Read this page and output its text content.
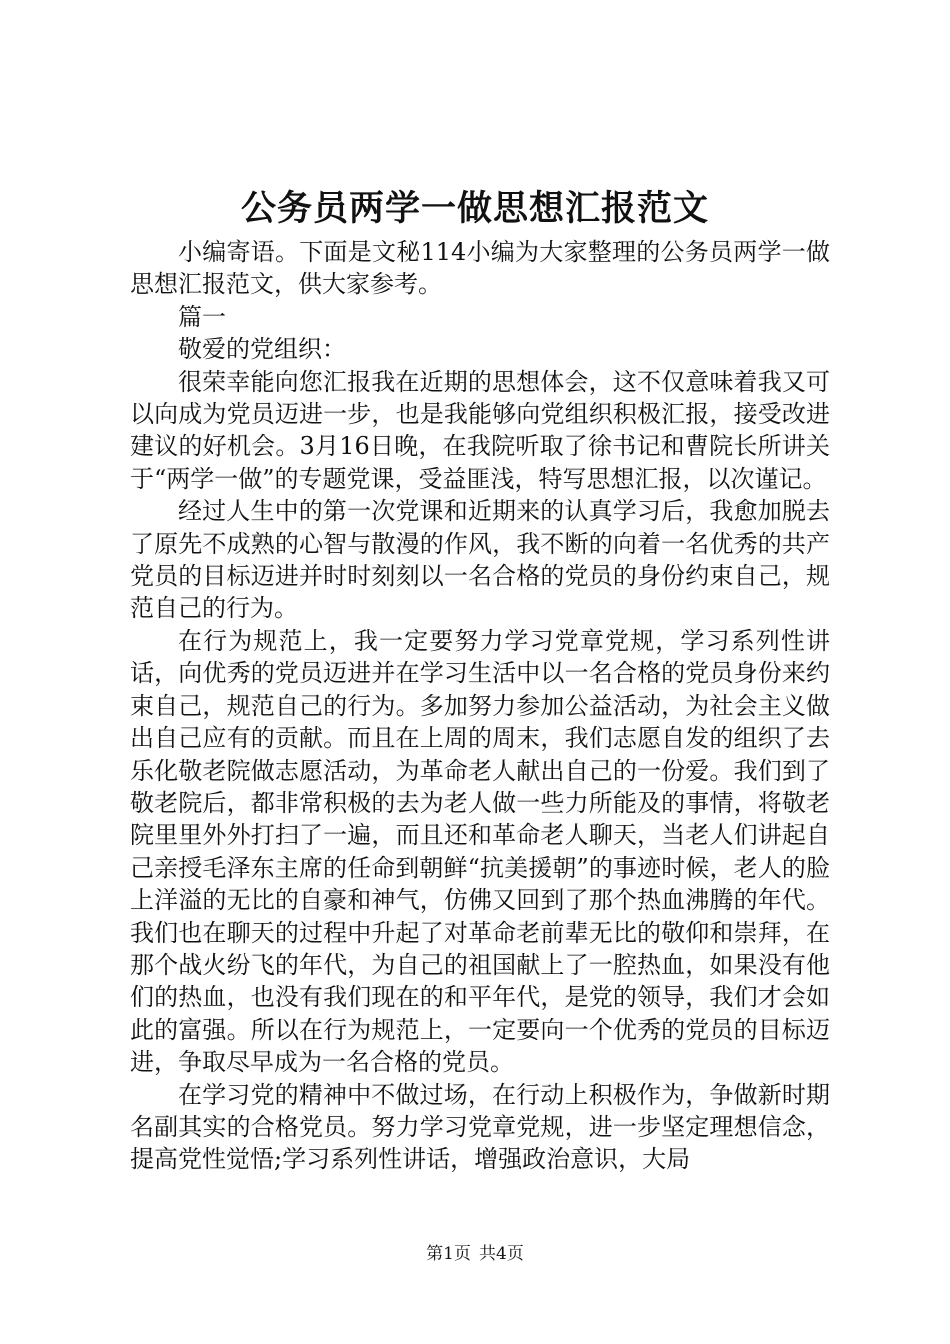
公务员两学一做思想汇报范文

小编寄语。下面是文秘114小编为大家整理的公务员两学一做思想汇报范文，供大家参考。

篇一

敬爱的党组织：

很荣幸能向您汇报我在近期的思想体会，这不仅意味着我又可以向成为党员迈进一步，也是我能够向党组织积极汇报，接受改进建议的好机会。3月16日晚，在我院听取了徐书记和曹院长所讲关于“两学一做”的专题党课，受益匪浅，特写思想汇报，以次谨记。

经过人生中的第一次党课和近期来的认真学习后，我愈加脱去了原先不成熟的心智与散漫的作风，我不断的向着一名优秀的共产党员的目标迈进并时时刻刻以一名合格的党员的身份约束自己，规范自己的行为。

在行为规范上，我一定要努力学习党章党规，学习系列性讲话，向优秀的党员迈进并在学习生活中以一名合格的党员身份来约束自己，规范自己的行为。多加努力参加公益活动，为社会主义做出自己应有的贡献。而且在上周的周末，我们志愿自发的组织了去乐化敬老院做志愿活动，为革命老人献出自己的一份爱。我们到了敬老院后，都非常积极的去为老人做一些力所能及的事情，将敬老院里里外外打扫了一遍，而且还和革命老人聊天，当老人们讲起自己亲授毛泽东主席的任命到朝鲜“抗美援朝”的事迹时候，老人的脸上洋溢的无比的自豪和神气，仿佛又回到了那个热血沸腾的年代。我们也在聊天的过程中升起了对革命老前辈无比的敬仰和崇拜，在那个战火纷飞的年代，为自己的祖国献上了一腔热血，如果没有他们的热血，也没有我们现在的和平年代，是党的领导，我们才会如此的富强。所以在行为规范上，一定要向一个优秀的党员的目标迈进，争取尽早成为一名合格的党员。

在学习党的精神中不做过场，在行动上积极作为，争做新时期名副其实的合格党员。努力学习党章党规，进一步坚定理想信念，提高党性觉悟;学习系列性讲话，增强政治意识，大局

第1页 共4页
